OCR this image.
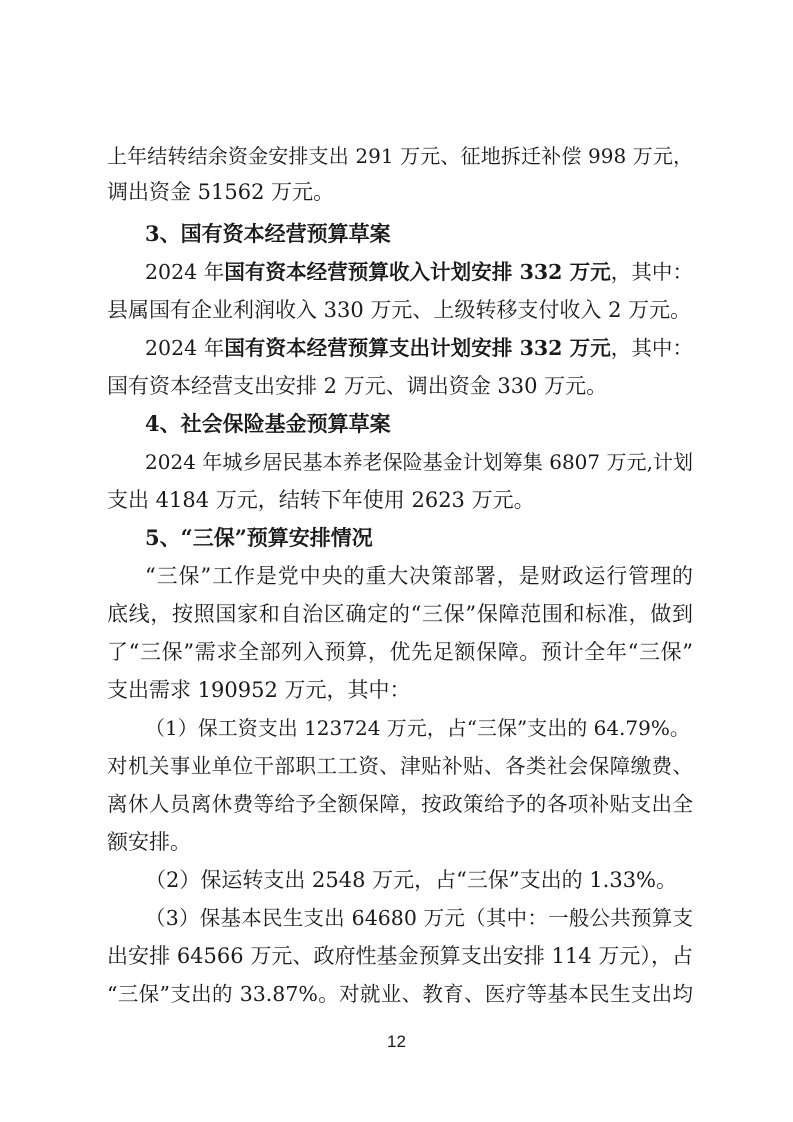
上年结转结余资金安排支出 291 万元、征地拆迁补偿 998 万元，
调出资金 51562 万元。
3、国有资本经营预算草案
2024 年国有资本经营预算收入计划安排 332 万元，其中：
县属国有企业利润收入 330 万元、上级转移支付收入 2 万元。
2024 年国有资本经营预算支出计划安排 332 万元，其中：
国有资本经营支出安排 2 万元、调出资金 330 万元。
4、社会保险基金预算草案
2024 年城乡居民基本养老保险基金计划筹集 6807 万元,计划
支出 4184 万元，结转下年使用 2623 万元。
5、“三保”预算安排情况
“三保”工作是党中央的重大决策部署，是财政运行管理的
底线，按照国家和自治区确定的“三保”保障范围和标准，做到
了“三保”需求全部列入预算，优先足额保障。预计全年“三保”
支出需求 190952 万元，其中：
（1）保工资支出 123724 万元，占“三保”支出的 64.79%。
对机关事业单位干部职工工资、津贴补贴、各类社会保障缴费、
离休人员离休费等给予全额保障，按政策给予的各项补贴支出全
额安排。
（2）保运转支出 2548 万元，占“三保”支出的 1.33%。
（3）保基本民生支出 64680 万元（其中：一般公共预算支
出安排 64566 万元、政府性基金预算支出安排 114 万元），占
“三保”支出的 33.87%。对就业、教育、医疗等基本民生支出均
12
